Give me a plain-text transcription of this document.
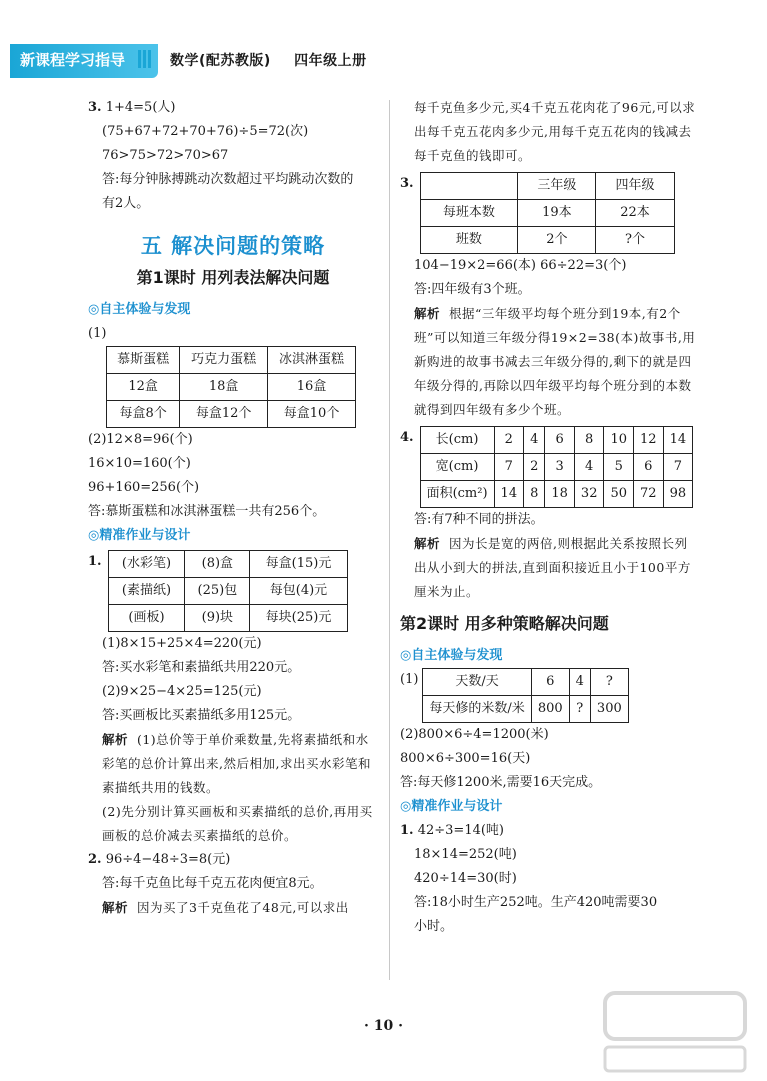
新课程学习指导	数学(配苏教版) 四年级上册
3. 1+4=5(人)
(75+67+72+70+76)÷5=72(次)
76>75>72>70>67
答:每分钟脉搏跳动次数超过平均跳动次数的
有2人。
五 解决问题的策略
第1课时 用列表法解决问题
◎自主体验与发现
(1)
慕斯蛋糕	巧克力蛋糕	冰淇淋蛋糕
12盒	18盒	16盒
每盒8个	每盒12个	每盒10个
(2)12×8=96(个)
16×10=160(个)
96+160=256(个)
答:慕斯蛋糕和冰淇淋蛋糕一共有256个。
◎精准作业与设计
1. (水彩笔)	(8)盒	每盒(15)元
(素描纸)	(25)包	每包(4)元
(画板)	(9)块	每块(25)元
(1)8×15+25×4=220(元)
答:买水彩笔和素描纸共用220元。
(2)9×25−4×25=125(元)
答:买画板比买素描纸多用125元。
解析 (1)总价等于单价乘数量,先将素描纸和水彩笔的总价计算出来,然后相加,求出买水彩笔和素描纸共用的钱数。
(2)先分别计算买画板和买素描纸的总价,再用买画板的总价减去买素描纸的总价。
2. 96÷4−48÷3=8(元)
答:每千克鱼比每千克五花肉便宜8元。
解析 因为买了3千克鱼花了48元,可以求出
每千克鱼多少元,买4千克五花肉花了96元,可以求出每千克五花肉多少元,用每千克五花肉的钱减去每千克鱼的钱即可。
3.
		三年级	四年级
每班本数	19本	22本
班数	2个	?个
104−19×2=66(本) 66÷22=3(个)
答:四年级有3个班。
解析 根据“三年级平均每个班分到19本,有2个班”可以知道三年级分得19×2=38(本)故事书,用新购进的故事书减去三年级分得的,剩下的就是四年级分得的,再除以四年级平均每个班分到的本数就得到四年级有多少个班。
4. 长(cm)	2	4	6	8	10	12	14
宽(cm)	7	2	3	4	5	6	7
面积(cm²)	14	8	18	32	50	72	98
答:有7种不同的拼法。
解析 因为长是宽的两倍,则根据此关系按照长列出从小到大的拼法,直到面积接近且小于100平方厘米为止。
第2课时 用多种策略解决问题
◎自主体验与发现
(1)	天数/天	6	4	?
每天修的米数/米	800	?	300
(2)800×6÷4=1200(米)
800×6÷300=16(天)
答:每天修1200米,需要16天完成。
◎精准作业与设计
1. 42÷3=14(吨)
18×14=252(吨)
420÷14=30(时)
答:18小时生产252吨。生产420吨需要30
小时。
· 10 ·
